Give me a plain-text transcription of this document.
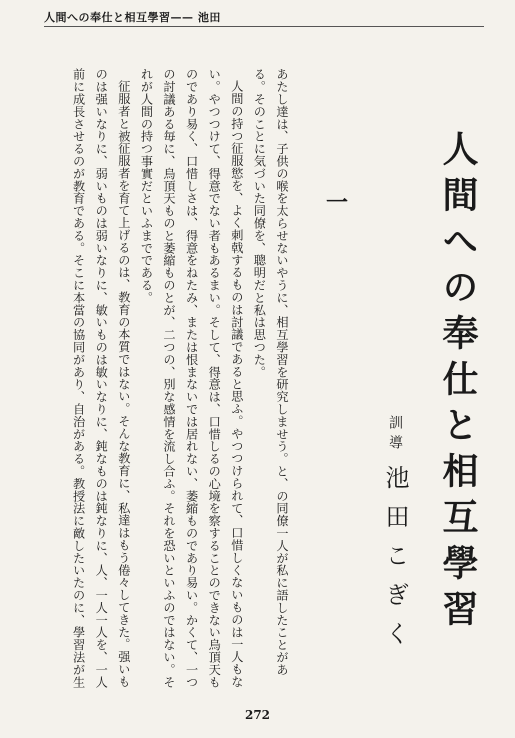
人間への奉仕と相互學習—— 池田
人間への奉仕と相互學習
訓導池田こぎく
一

あたし達は、子供の喉を太らせないやうに、相互學習を研究しませう。と、の同僚一人が私に語したことがある。そのことに気づいた同僚を、聰明だと私は思つた。

人間の持つ征服慾を、よく刺戟するものは討議であると思ふ。やつつけられて、口惜しくないものは一人もない。やつつけて、得意でない者もあるまい。そして、得意は、口惜しるの心境を察することのできない烏頂天ものであり易く、口惜しさは、得意をねたみ、または恨まないでは居れない、萎縮ものであり易い。かくて、一つの討議ある毎に、烏頂天ものと萎縮ものとが、二つの、別な感情を流し合ふ。それを恐いといふのではない。それが人間の持つ事實だといふまでである。

征服者と被征服者を育て上げるのは、教育の本質ではない。そんな教育に、私達はもう倦々してきた。强いものは强いなりに、弱いものは弱いなりに、敏いものは敏いなりに、鈍なものは鈍なりに、人、一人一人を、一人前に成長させるのが教育である。そこに本當の協同があり、自治がある。教授法に敵したいたのに、學習法が生

272
